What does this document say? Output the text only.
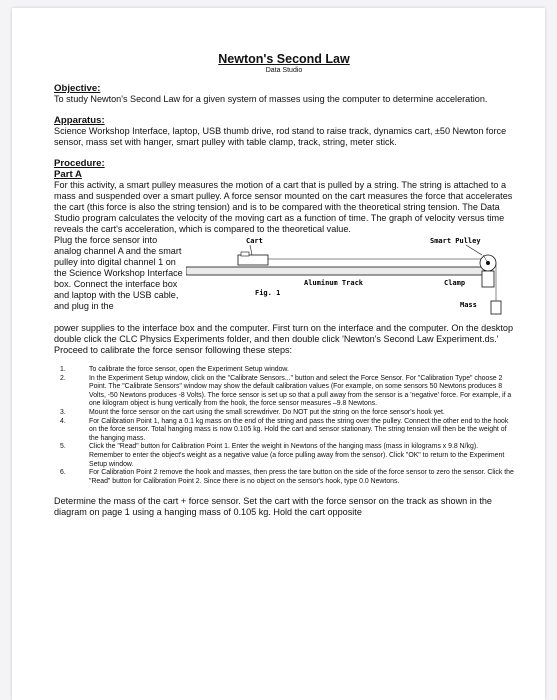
Newton's Second Law

Data Studio

Objective:

To study Newton's Second Law for a given system of masses using the computer to determine acceleration.

Apparatus:

Science Workshop Interface, laptop, USB thumb drive, rod stand to raise track, dynamics cart, ±50 Newton force sensor, mass set with hanger, smart pulley with table clamp, track, string, meter stick.

Procedure:

Part A

For this activity, a smart pulley measures the motion of a cart that is pulled by a string. The string is attached to a mass and suspended over a smart pulley. A force sensor mounted on the cart measures the force that accelerates the cart (this force is also the string tension) and is to be compared with the theoretical string tension. The Data Studio program calculates the velocity of the moving cart as a function of time. The graph of velocity versus time reveals the cart's acceleration, which is compared to the theoretical value.

Plug the force sensor into analog channel A and the smart pulley into digital channel 1 on the Science Workshop Interface box. Connect the interface box and laptop with the USB cable, and plug in the
Cart	Smart Pulley
Aluminum Track	Clamp
Fig. 1
Mass

power supplies to the interface box and the computer. First turn on the interface and the computer. On the desktop double click the CLC Physics Experiments folder, and then double click 'Newton's Second Law Experiment.ds.' Proceed to calibrate the force sensor following these steps:

1.	To calibrate the force sensor, open the Experiment Setup window.
2.	In the Experiment Setup window, click on the "Calibrate Sensors..." button and select the Force Sensor. For "Calibration Type" choose 2 Point. The "Calibrate Sensors" window may show the default calibration values (For example, on some sensors 50 Newtons produces 8 Volts, -50 Newtons produces -8 Volts). The force sensor is set up so that a pull away from the sensor is a 'negative' force. For example, if a one kilogram object is hung vertically from the hook, the force sensor measures –9.8 Newtons.
3.	Mount the force sensor on the cart using the small screwdriver. Do NOT put the string on the force sensor's hook yet.
4.	For Calibration Point 1, hang a 0.1 kg mass on the end of the string and pass the string over the pulley. Connect the other end to the hook on the force sensor. Total hanging mass is now 0.105 kg. Hold the cart and sensor stationary. The string tension will then be the weight of the hanging mass.
5.	Click the "Read" button for Calibration Point 1. Enter the weight in Newtons of the hanging mass (mass in kilograms x 9.8 N/kg). Remember to enter the object's weight as a negative value (a force pulling away from the sensor). Click "OK" to return to the Experiment Setup window.
6.	For Calibration Point 2 remove the hook and masses, then press the tare button on the side of the force sensor to zero the sensor. Click the "Read" button for Calibration Point 2. Since there is no object on the sensor's hook, type 0.0 Newtons.

Determine the mass of the cart + force sensor. Set the cart with the force sensor on the track as shown in the diagram on page 1 using a hanging mass of 0.105 kg. Hold the cart opposite
